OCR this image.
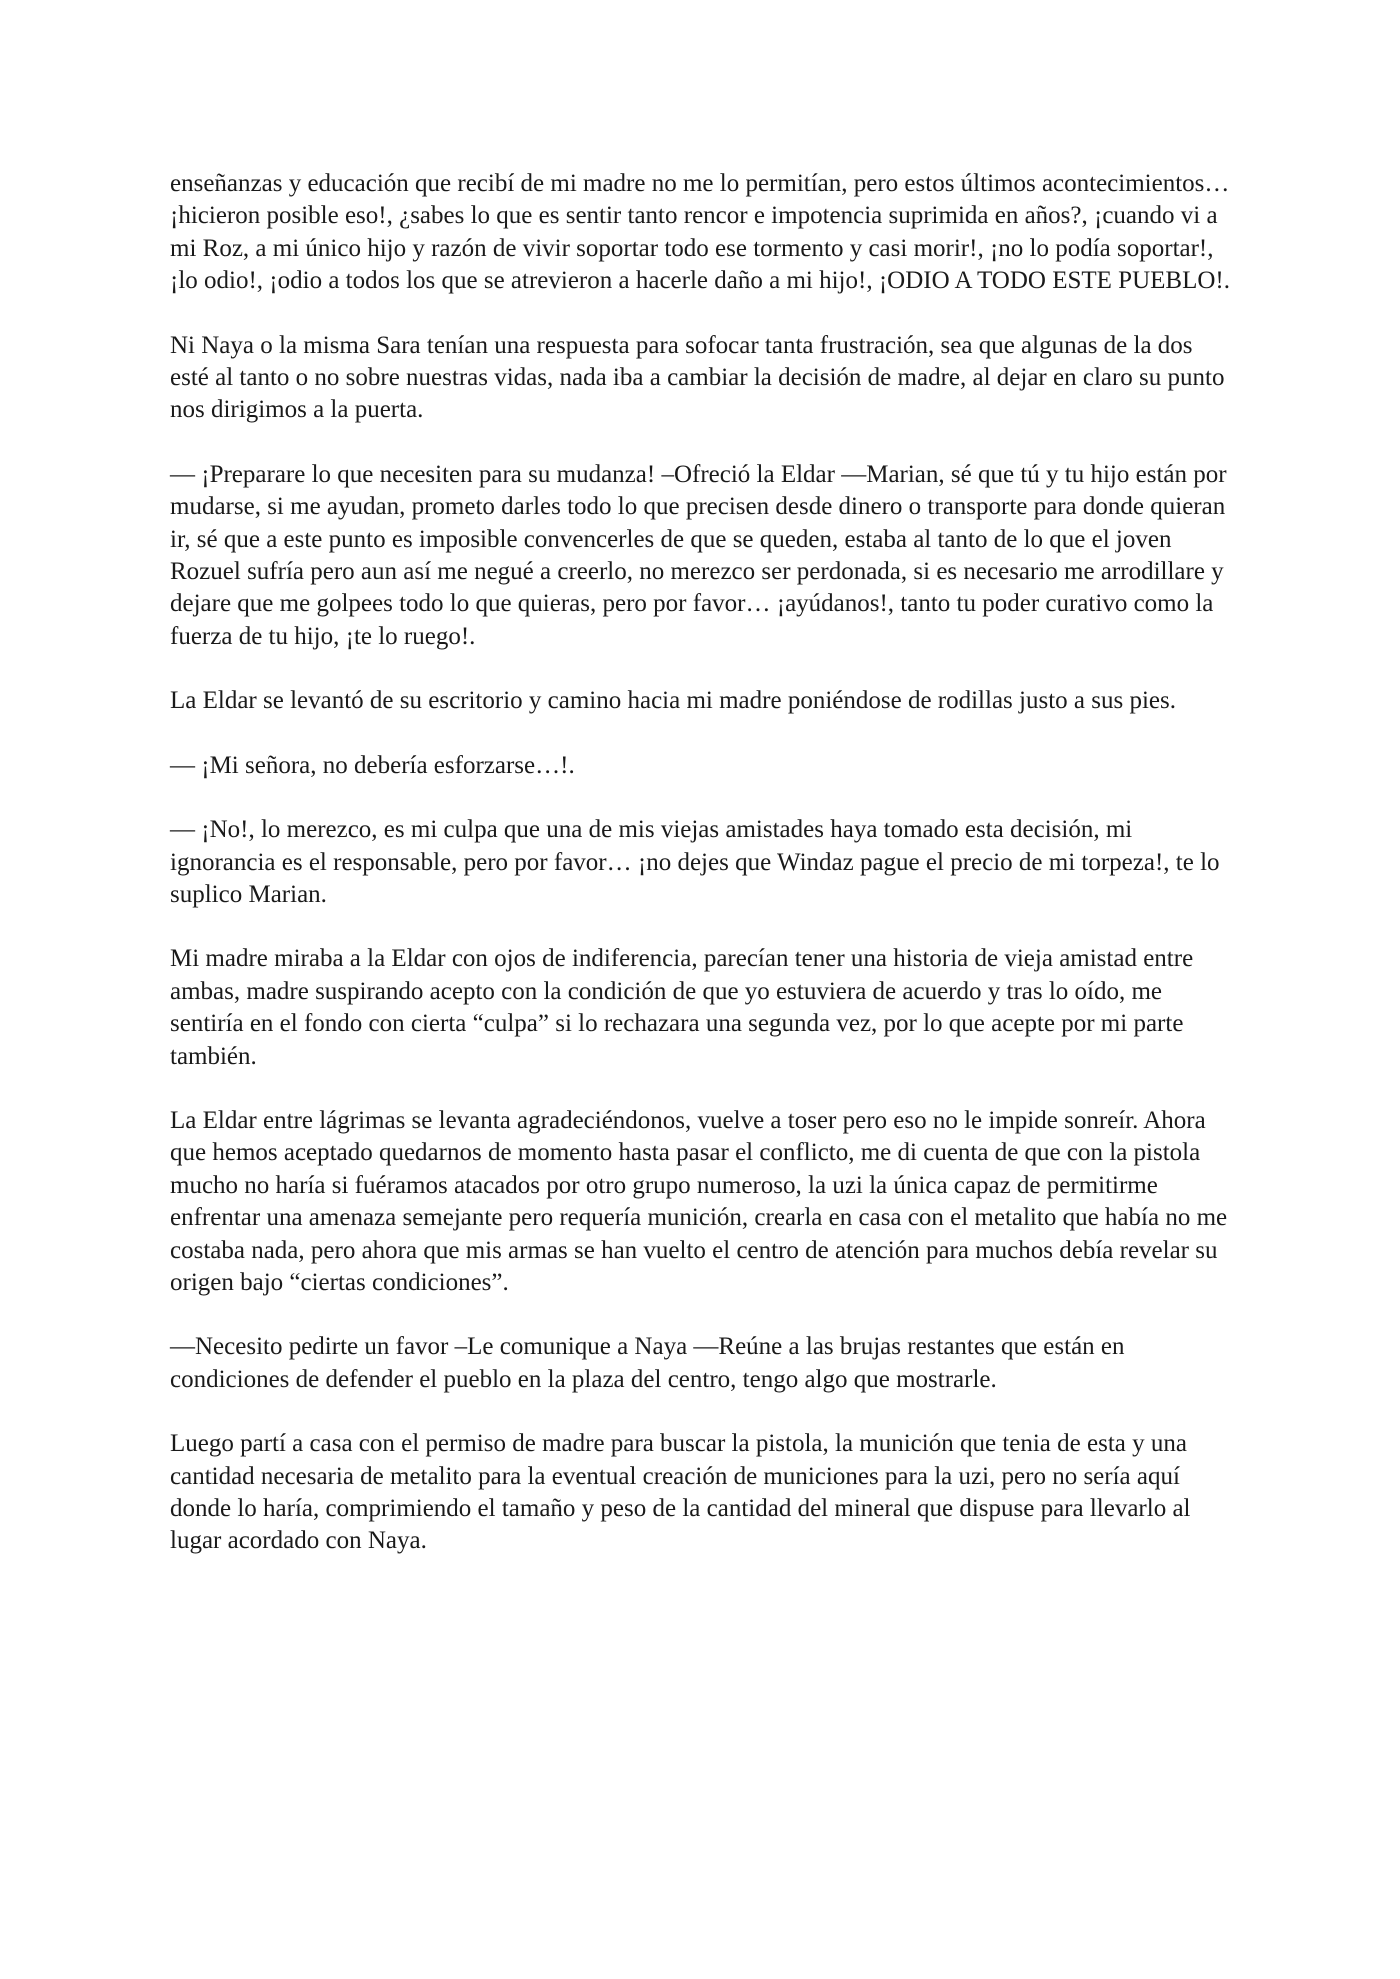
enseñanzas y educación que recibí de mi madre no me lo permitían, pero estos últimos acontecimientos… ¡hicieron posible eso!, ¿sabes lo que es sentir tanto rencor e impotencia suprimida en años?, ¡cuando vi a mi Roz, a mi único hijo y razón de vivir soportar todo ese tormento y casi morir!, ¡no lo podía soportar!, ¡lo odio!, ¡odio a todos los que se atrevieron a hacerle daño a mi hijo!, ¡ODIO A TODO ESTE PUEBLO!.

Ni Naya o la misma Sara tenían una respuesta para sofocar tanta frustración, sea que algunas de la dos esté al tanto o no sobre nuestras vidas, nada iba a cambiar la decisión de madre, al dejar en claro su punto nos dirigimos a la puerta.

— ¡Preparare lo que necesiten para su mudanza! –Ofreció la Eldar —Marian, sé que tú y tu hijo están por mudarse, si me ayudan, prometo darles todo lo que precisen desde dinero o transporte para donde quieran ir, sé que a este punto es imposible convencerles de que se queden, estaba al tanto de lo que el joven Rozuel sufría pero aun así me negué a creerlo, no merezco ser perdonada, si es necesario me arrodillare y dejare que me golpees todo lo que quieras, pero por favor… ¡ayúdanos!, tanto tu poder curativo como la fuerza de tu hijo, ¡te lo ruego!.

La Eldar se levantó de su escritorio y camino hacia mi madre poniéndose de rodillas justo a sus pies.

— ¡Mi señora, no debería esforzarse…!.

— ¡No!, lo merezco, es mi culpa que una de mis viejas amistades haya tomado esta decisión, mi ignorancia es el responsable, pero por favor… ¡no dejes que Windaz pague el precio de mi torpeza!, te lo suplico Marian.

Mi madre miraba a la Eldar con ojos de indiferencia, parecían tener una historia de vieja amistad entre ambas, madre suspirando acepto con la condición de que yo estuviera de acuerdo y tras lo oído, me sentiría en el fondo con cierta “culpa” si lo rechazara una segunda vez, por lo que acepte por mi parte también.

La Eldar entre lágrimas se levanta agradeciéndonos, vuelve a toser pero eso no le impide sonreír. Ahora que hemos aceptado quedarnos de momento hasta pasar el conflicto, me di cuenta de que con la pistola mucho no haría si fuéramos atacados por otro grupo numeroso, la uzi la única capaz de permitirme enfrentar una amenaza semejante pero requería munición, crearla en casa con el metalito que había no me costaba nada, pero ahora que mis armas se han vuelto el centro de atención para muchos debía revelar su origen bajo “ciertas condiciones”.

—Necesito pedirte un favor –Le comunique a Naya —Reúne a las brujas restantes que están en condiciones de defender el pueblo en la plaza del centro, tengo algo que mostrarle.

Luego partí a casa con el permiso de madre para buscar la pistola, la munición que tenia de esta y una cantidad necesaria de metalito para la eventual creación de municiones para la uzi, pero no sería aquí donde lo haría, comprimiendo el tamaño y peso de la cantidad del mineral que dispuse para llevarlo al lugar acordado con Naya.
